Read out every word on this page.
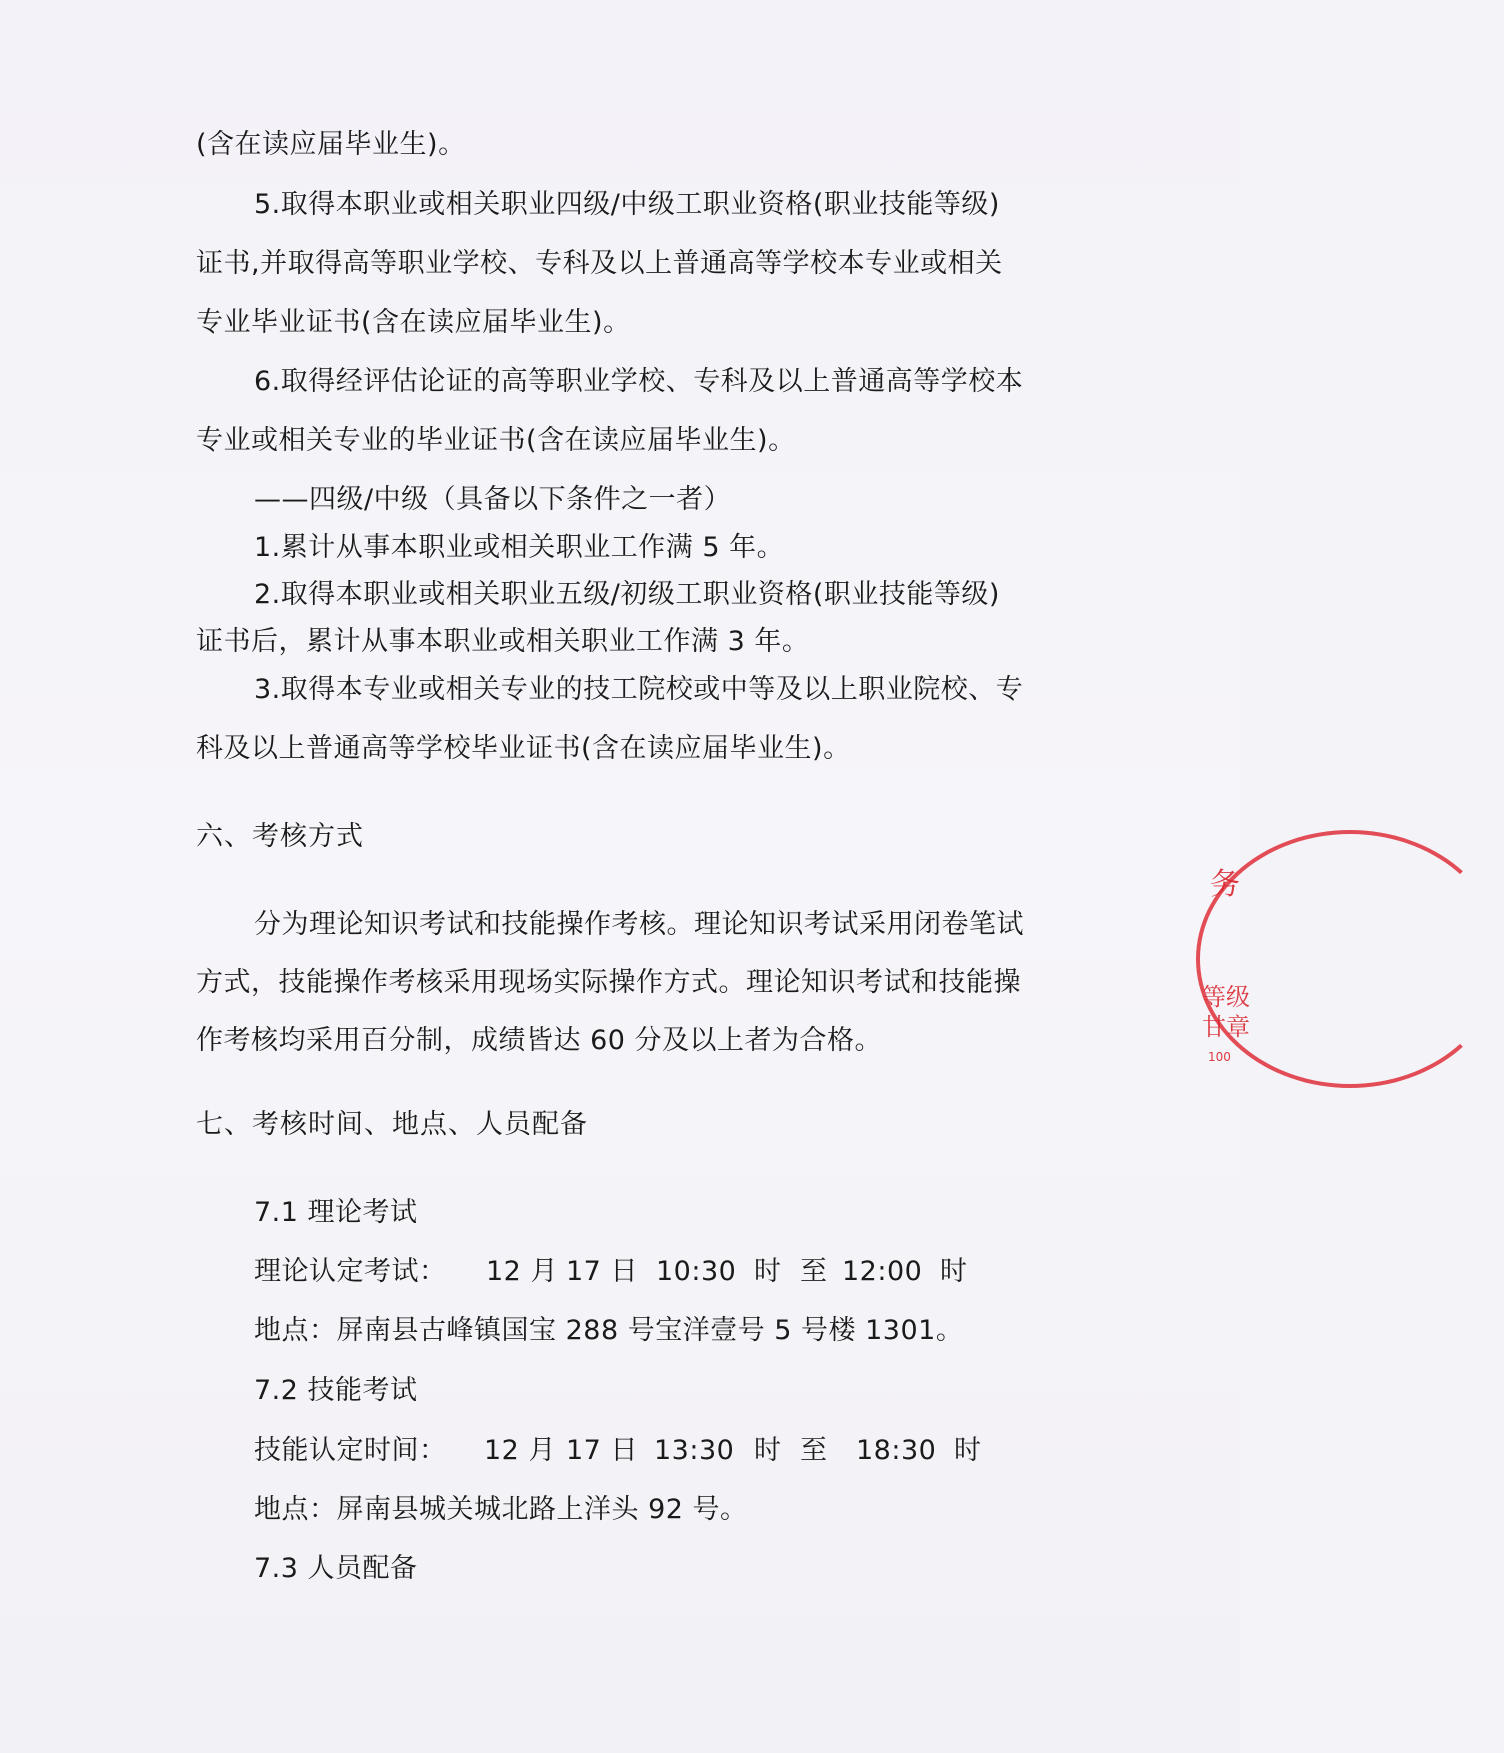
(含在读应届毕业生)。
5.取得本职业或相关职业四级/中级工职业资格(职业技能等级)
证书,并取得高等职业学校、专科及以上普通高等学校本专业或相关
专业毕业证书(含在读应届毕业生)。
6.取得经评估论证的高等职业学校、专科及以上普通高等学校本
专业或相关专业的毕业证书(含在读应届毕业生)。
——四级/中级（具备以下条件之一者）
1.累计从事本职业或相关职业工作满 5 年。
2.取得本职业或相关职业五级/初级工职业资格(职业技能等级)
证书后，累计从事本职业或相关职业工作满 3 年。
3.取得本专业或相关专业的技工院校或中等及以上职业院校、专
科及以上普通高等学校毕业证书(含在读应届毕业生)。
六、考核方式
分为理论知识考试和技能操作考核。理论知识考试采用闭卷笔试
方式，技能操作考核采用现场实际操作方式。理论知识考试和技能操
作考核均采用百分制，成绩皆达 60 分及以上者为合格。
七、考核时间、地点、人员配备
7.1 理论考试
理论认定考试： 12 月 17 日 10:30 时 至 12:00 时
地点：屏南县古峰镇国宝 288 号宝洋壹号 5 号楼 1301。
7.2 技能考试
技能认定时间： 12 月 17 日 13:30 时 至 18:30 时
地点：屏南县城关城北路上洋头 92 号。
7.3 人员配备
务
等级
甘章
100
